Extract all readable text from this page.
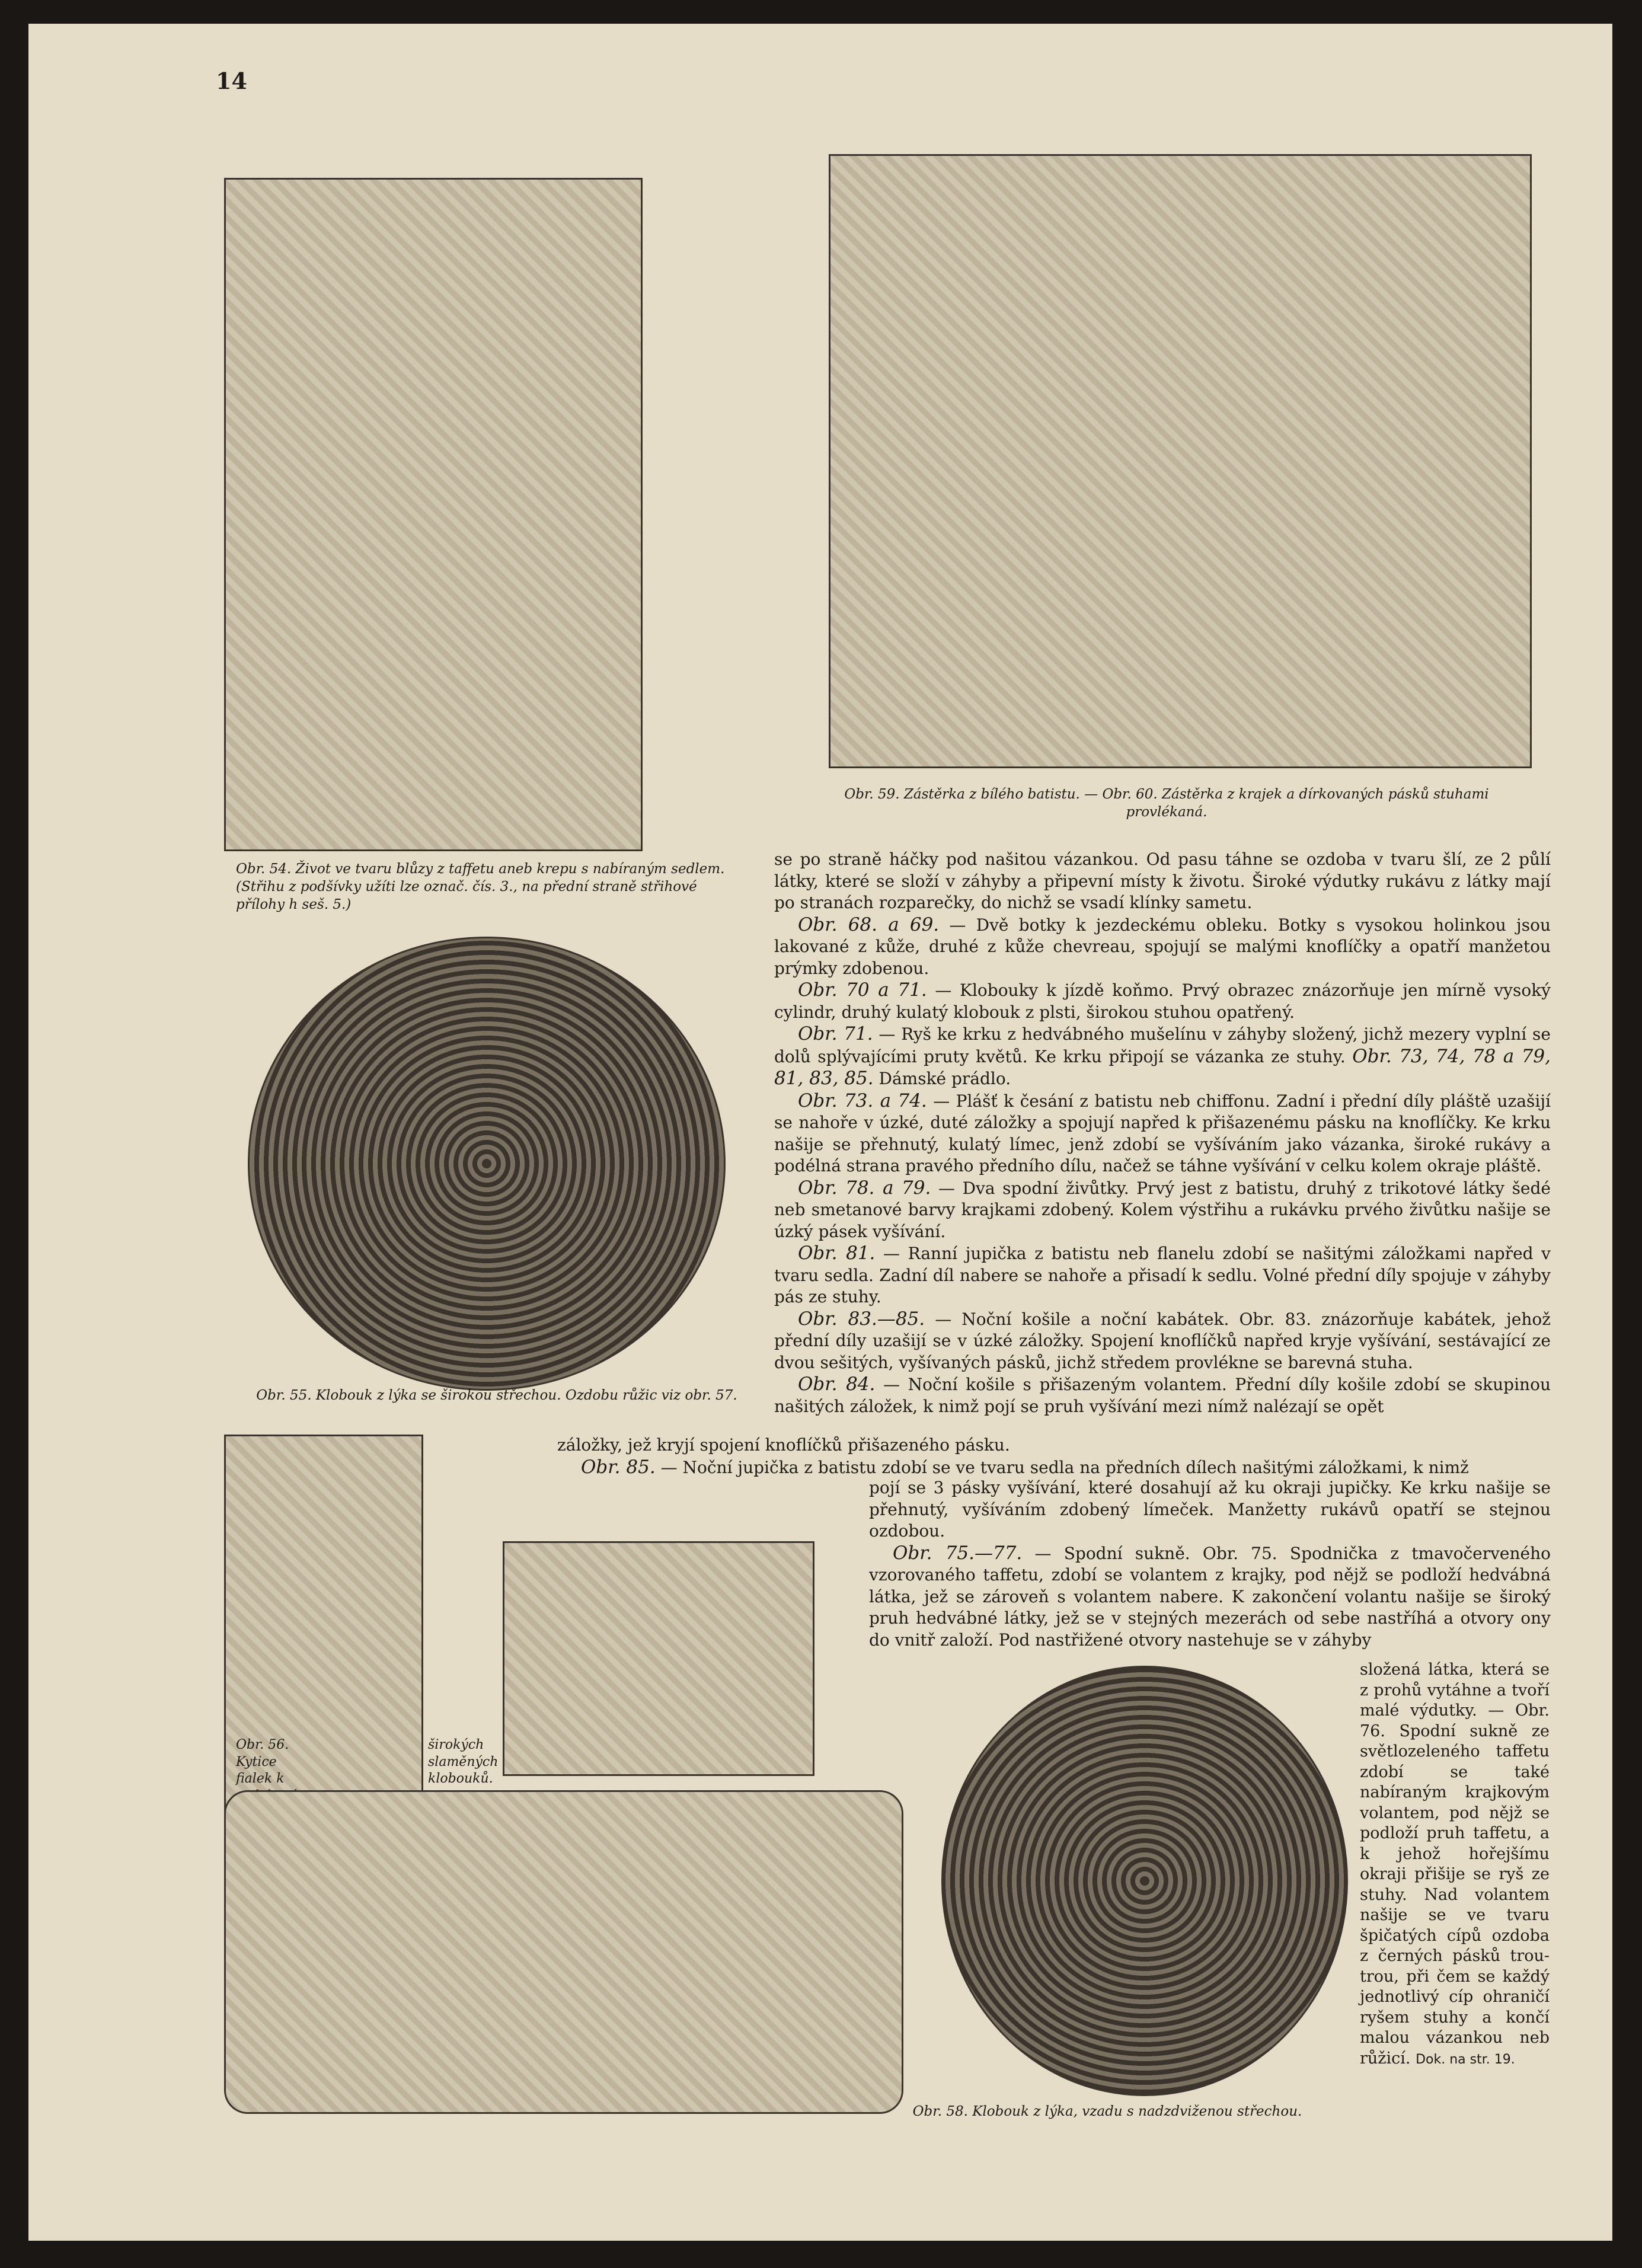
14
Obr. 54. Život ve tvaru blůzy z taffetu aneb krepu s nabíraným sedlem. (Střihu z podšívky užíti lze označ. čís. 3., na přední straně střihové přílohy h seš. 5.)
Obr. 59. Zástěrka z bílého batistu. — Obr. 60. Zástěrka z krajek a dírkovaných pásků stuhami provlékaná.
Obr. 55. Klobouk z lýka se širokou střechou. Ozdobu růžic viz obr. 57.
Obr. 56. Kytice fialek k
širokých slaměných klobouků.
Obr. 58. Klobouk z lýka, vzadu s nadzdviženou střechou.

se po straně háčky pod našitou vázankou. Od pasu táhne se ozdoba v tvaru šlí, ze 2 půlí látky, které se složí v záhyby a připevní místy k životu. Široké výdutky rukávu z látky mají po stranách rozparečky, do nichž se vsadí klínky sametu.

Obr. 68. a 69. — Dvě botky k jezdeckému obleku. Botky s vysokou holinkou jsou lakované z kůže, druhé z kůže chevreau, spojují se malými knoflíčky a opatří manžetou prýmky zdobenou.

Obr. 70 a 71. — Klobouky k jízdě koňmo. Prvý obrazec znázorňuje jen mírně vysoký cylindr, druhý kulatý klobouk z plsti, širokou stuhou opatřený.

Obr. 71. — Ryš ke krku z hedvábného mušelínu v záhyby složený, jichž mezery vyplní se dolů splývajícími pruty květů. Ke krku připojí se vázanka ze stuhy. Obr. 73, 74, 78 a 79, 81, 83, 85. Dámské prádlo.

Obr. 73. a 74. — Plášť k česání z batistu neb chiffonu. Zadní i přední díly pláště uzašijí se nahoře v úzké, duté záložky a spojují napřed k přišazenému pásku na knoflíčky. Ke krku našije se přehnutý, kulatý límec, jenž zdobí se vyšíváním jako vázanka, široké rukávy a podélná strana pravého předního dílu, načež se táhne vyšívání v celku kolem okraje pláště.

Obr. 78. a 79. — Dva spodní živůtky. Prvý jest z batistu, druhý z trikotové látky šedé neb smetanové barvy krajkami zdobený. Kolem výstřihu a rukávku prvého živůtku našije se úzký pásek vyšívání.

Obr. 81. — Ranní jupička z batistu neb flanelu zdobí se našitými záložkami napřed v tvaru sedla. Zadní díl nabere se nahoře a přisadí k sedlu. Volné přední díly spojuje v záhyby pás ze stuhy.

Obr. 83.—85. — Noční košile a noční kabátek. Obr. 83. znázorňuje kabátek, jehož přední díly uzašijí se v úzké záložky. Spojení knoflíčků napřed kryje vyšívání, sestávající ze dvou sešitých, vyšívaných pásků, jichž středem provlékne se barevná stuha.

Obr. 84. — Noční košile s přišazeným volantem. Přední díly košile zdobí se skupinou našitých záložek, k nimž pojí se pruh vyšívání mezi nímž nalézají se opět

záložky, jež kryjí spojení knoflíčků přišazeného pásku.

Obr. 85. — Noční jupička z batistu zdobí se ve tvaru sedla na předních dílech našitými záložkami, k nimž

pojí se 3 pásky vyšívání, které dosahují až ku okraji jupičky. Ke krku našije se přehnutý, vyšíváním zdobený límeček. Manžetty rukávů opatří se stejnou ozdobou.

Obr. 75.—77. — Spodní sukně. Obr. 75. Spodnička z tmavočerveného vzorovaného taffetu, zdobí se volantem z krajky, pod nějž se podloží hedvábná látka, jež se zároveň s volantem nabere. K zakončení volantu našije se široký pruh hedvábné látky, jež se v stejných mezerách od sebe nastříhá a otvory ony do vnitř založí. Pod nastřižené otvory nastehuje se v záhyby

složená látka, která se z prohů vytáhne a tvoří malé výdutky. — Obr. 76. Spodní sukně ze světlozeleného taffetu zdobí se také nabíraným krajkovým volantem, pod nějž se podloží pruh taffetu, a k jehož hořejšímu okraji přišije se ryš ze stuhy. Nad volantem našije se ve tvaru špičatých cípů ozdoba z černých pásků trou-trou, při čem se každý jednotlivý cíp ohraničí ryšem stuhy a končí malou vázankou neb růžicí. Dok. na str. 19.
